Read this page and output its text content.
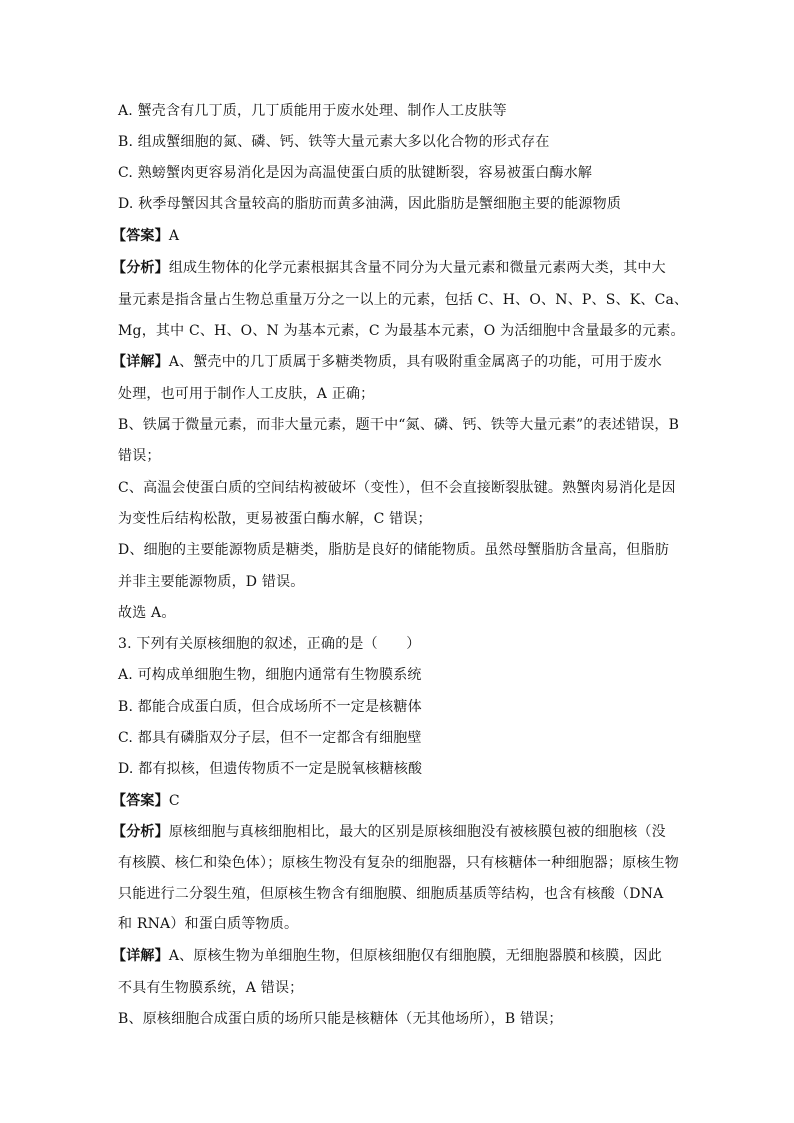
A. 蟹壳含有几丁质，几丁质能用于废水处理、制作人工皮肤等
B. 组成蟹细胞的氮、磷、钙、铁等大量元素大多以化合物的形式存在
C. 熟螃蟹肉更容易消化是因为高温使蛋白质的肽键断裂，容易被蛋白酶水解
D. 秋季母蟹因其含量较高的脂肪而黄多油满，因此脂肪是蟹细胞主要的能源物质
【答案】A
【分析】组成生物体的化学元素根据其含量不同分为大量元素和微量元素两大类，其中大
量元素是指含量占生物总重量万分之一以上的元素，包括 C、H、O、N、P、S、K、Ca、
Mg，其中 C、H、O、N 为基本元素，C 为最基本元素，O 为活细胞中含量最多的元素。
【详解】A、蟹壳中的几丁质属于多糖类物质，具有吸附重金属离子的功能，可用于废水
处理，也可用于制作人工皮肤，A 正确；
B、铁属于微量元素，而非大量元素，题干中“氮、磷、钙、铁等大量元素”的表述错误，B
错误；
C、高温会使蛋白质的空间结构被破坏（变性），但不会直接断裂肽键。熟蟹肉易消化是因
为变性后结构松散，更易被蛋白酶水解，C 错误；
D、细胞的主要能源物质是糖类，脂肪是良好的储能物质。虽然母蟹脂肪含量高，但脂肪
并非主要能源物质，D 错误。
故选 A。
3. 下列有关原核细胞的叙述，正确的是（　　）
A. 可构成单细胞生物，细胞内通常有生物膜系统
B. 都能合成蛋白质，但合成场所不一定是核糖体
C. 都具有磷脂双分子层，但不一定都含有细胞壁
D. 都有拟核，但遗传物质不一定是脱氧核糖核酸
【答案】C
【分析】原核细胞与真核细胞相比，最大的区别是原核细胞没有被核膜包被的细胞核（没
有核膜、核仁和染色体）；原核生物没有复杂的细胞器，只有核糖体一种细胞器；原核生物
只能进行二分裂生殖，但原核生物含有细胞膜、细胞质基质等结构，也含有核酸（DNA
和 RNA）和蛋白质等物质。
【详解】A、原核生物为单细胞生物，但原核细胞仅有细胞膜，无细胞器膜和核膜，因此
不具有生物膜系统，A 错误；
B、原核细胞合成蛋白质的场所只能是核糖体（无其他场所），B 错误；
